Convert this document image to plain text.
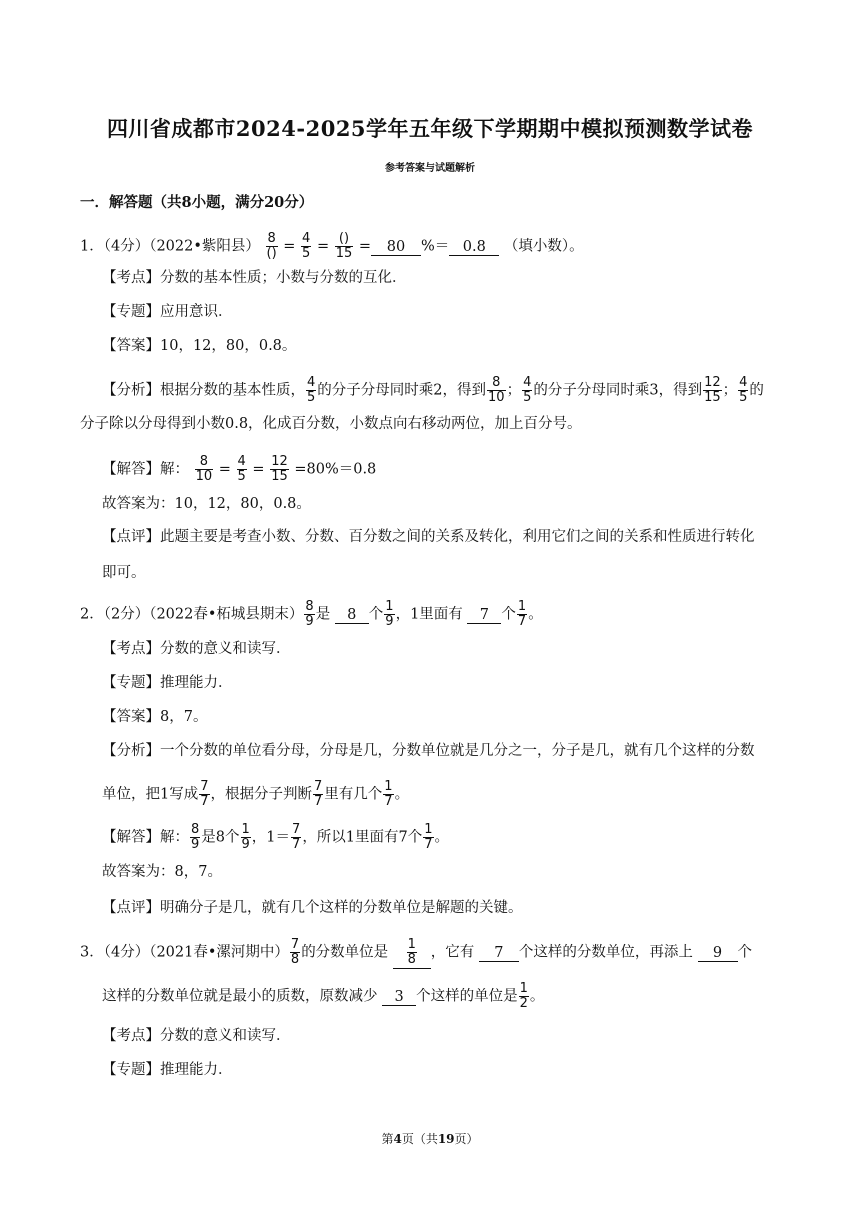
四川省成都市2024-2025学年五年级下学期期中模拟预测数学试卷
参考答案与试题解析
一．解答题（共8小题，满分20分）
1．（4分）（2022•紫阳县） $\frac{8}{()} = \frac{4}{5} = \frac{()}{15} = 80$ %＝ 0.8 （填小数）。
【考点】分数的基本性质；小数与分数的互化．
【专题】应用意识．
【答案】10，12，80，0.8。
【分析】根据分数的基本性质， $\frac{4}{5}$ 的分子分母同时乘2，得到 $\frac{8}{10}$ ； $\frac{4}{5}$ 的分子分母同时乘3，得到 $\frac{12}{15}$ ； $\frac{4}{5}$ 的
分子除以分母得到小数0.8，化成百分数，小数点向右移动两位，加上百分号。
【解答】解： $\frac{8}{10} = \frac{4}{5} = \frac{12}{15} =80\%=0.8$
故答案为：10，12，80，0.8。
【点评】此题主要是考查小数、分数、百分数之间的关系及转化，利用它们之间的关系和性质进行转化
即可。
2．（2分）（2022春•柘城县期末） $\frac{8}{9}$ 是 8 个 $\frac{1}{9}$ ，1里面有 7 个 $\frac{1}{7}$ 。
【考点】分数的意义和读写．
【专题】推理能力．
【答案】8，7。
【分析】一个分数的单位看分母，分母是几，分数单位就是几分之一，分子是几，就有几个这样的分数
单位，把1写成 $\frac{7}{7}$ ，根据分子判断 $\frac{7}{7}$ 里有几个 $\frac{1}{7}$ 。
【解答】解： $\frac{8}{9}$ 是8个 $\frac{1}{9}$ ，$1= \frac{7}{7}$ ，所以1里面有7个 $\frac{1}{7}$ 。
故答案为：8，7。
【点评】明确分子是几，就有几个这样的分数单位是解题的关键。
3．（4分）（2021春•漯河期中） $\frac{7}{8}$ 的分数单位是 $\frac{1}{8}$ ，它有 7 个这样的分数单位，再添上 9 个
这样的分数单位就是最小的质数，原数减少 3 个这样的单位是 $\frac{1}{2}$ 。
【考点】分数的意义和读写．
【专题】推理能力．
第4页（共19页）
